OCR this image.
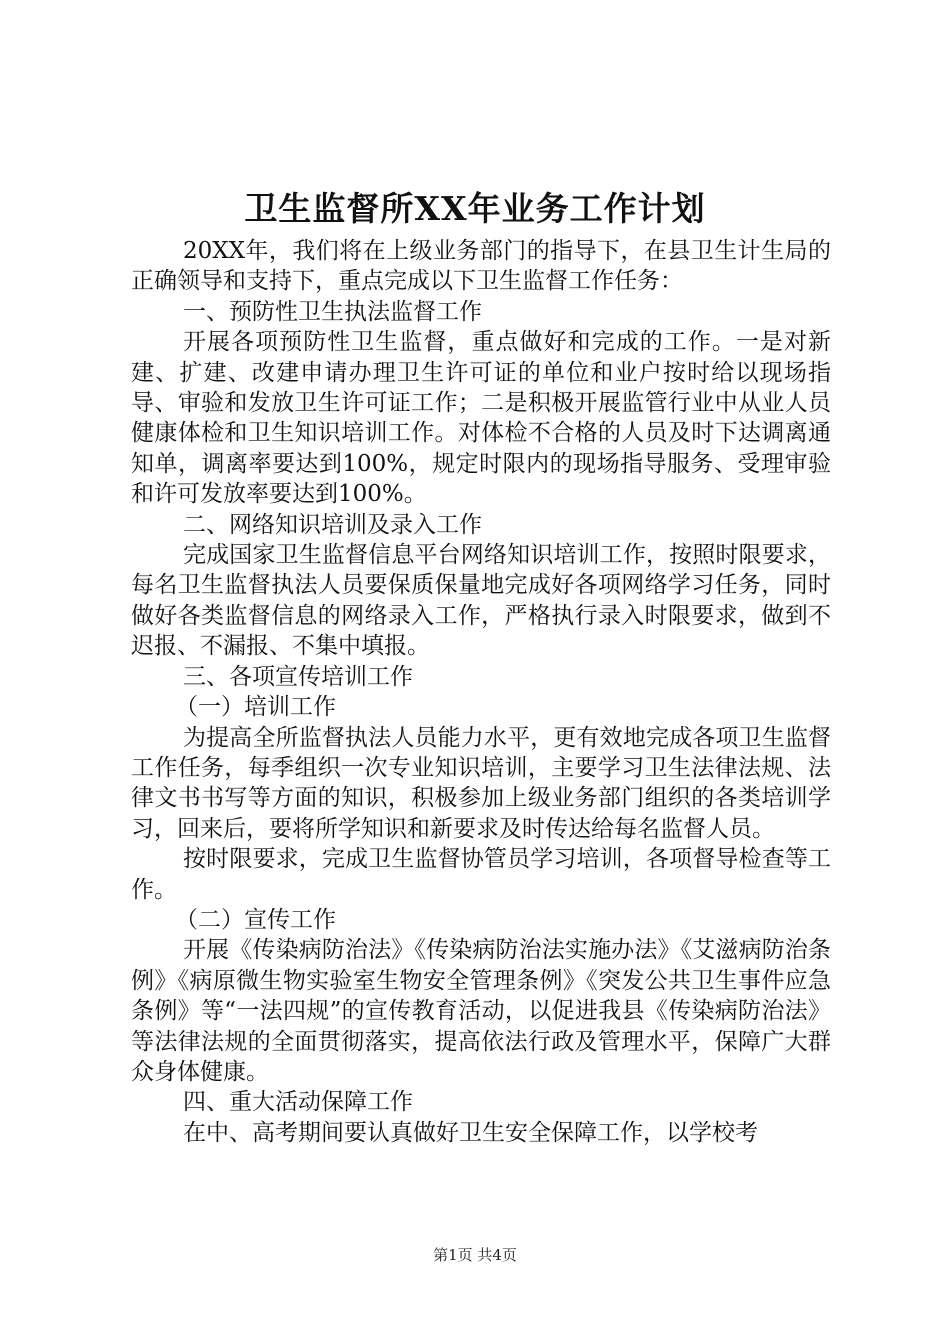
卫生监督所XX年业务工作计划

20XX年，我们将在上级业务部门的指导下，在县卫生计生局的正确领导和支持下，重点完成以下卫生监督工作任务：

一、预防性卫生执法监督工作

开展各项预防性卫生监督，重点做好和完成的工作。一是对新建、扩建、改建申请办理卫生许可证的单位和业户按时给以现场指导、审验和发放卫生许可证工作；二是积极开展监管行业中从业人员健康体检和卫生知识培训工作。对体检不合格的人员及时下达调离通知单，调离率要达到100%，规定时限内的现场指导服务、受理审验和许可发放率要达到100%。

二、网络知识培训及录入工作

完成国家卫生监督信息平台网络知识培训工作，按照时限要求，每名卫生监督执法人员要保质保量地完成好各项网络学习任务，同时做好各类监督信息的网络录入工作，严格执行录入时限要求，做到不迟报、不漏报、不集中填报。

三、各项宣传培训工作

（一）培训工作

为提高全所监督执法人员能力水平，更有效地完成各项卫生监督工作任务，每季组织一次专业知识培训，主要学习卫生法律法规、法律文书书写等方面的知识，积极参加上级业务部门组织的各类培训学习，回来后，要将所学知识和新要求及时传达给每名监督人员。

按时限要求，完成卫生监督协管员学习培训，各项督导检查等工作。

（二）宣传工作

开展《传染病防治法》《传染病防治法实施办法》《艾滋病防治条例》《病原微生物实验室生物安全管理条例》《突发公共卫生事件应急条例》等“一法四规”的宣传教育活动，以促进我县《传染病防治法》等法律法规的全面贯彻落实，提高依法行政及管理水平，保障广大群众身体健康。

四、重大活动保障工作

在中、高考期间要认真做好卫生安全保障工作，以学校考

第1页 共4页
